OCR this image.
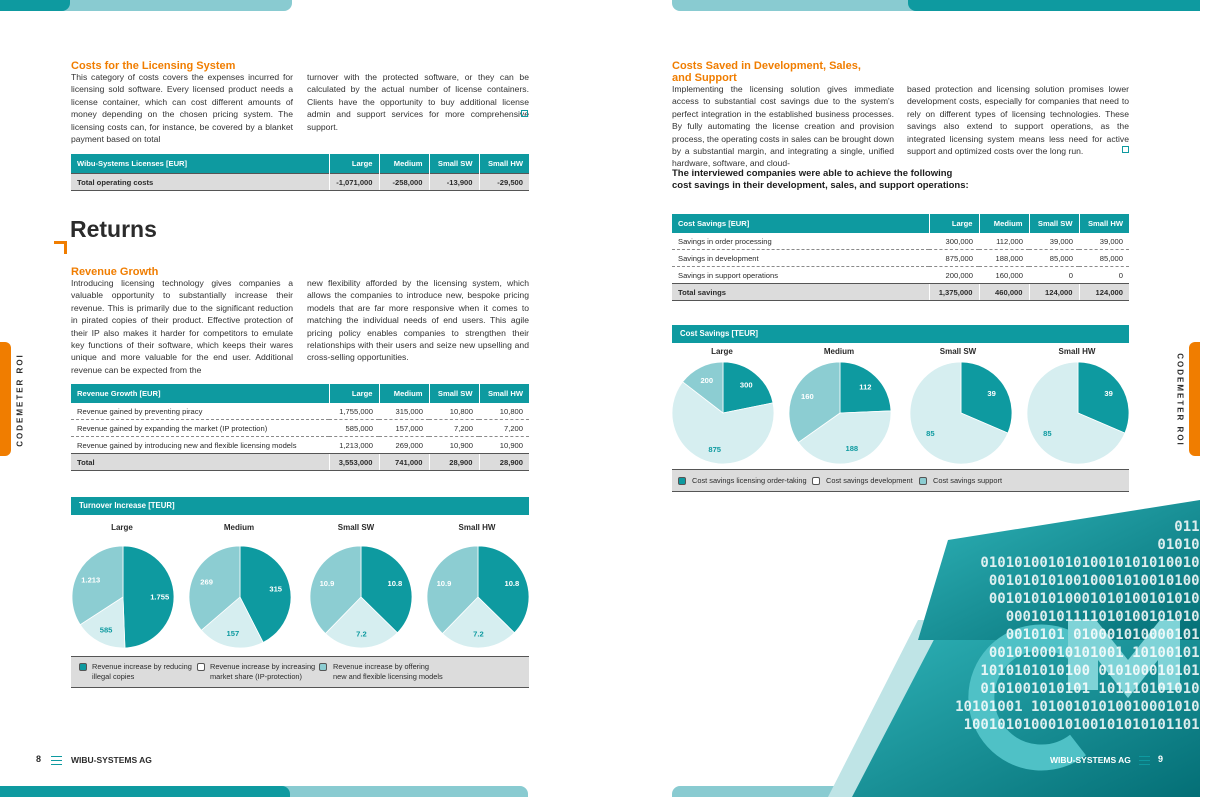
CODEMETER ROI	CODEMETER ROI
Costs for the Licensing System

This category of costs covers the expenses incurred for licensing sold software. Every licensed product needs a license container, which can cost different amounts of money depending on the chosen pricing system. The licensing costs can, for instance, be covered by a blanket payment based on total

turnover with the protected software, or they can be calculated by the actual number of license containers. Clients have the opportunity to buy additional license admin and support services for more comprehensive support.

Wibu-Systems Licenses [EUR]	Large	Medium	Small SW	Small HW
Total operating costs	-1,071,000	-258,000	-13,900	-29,500
Returns
Revenue Growth

Introducing licensing technology gives companies a valuable opportunity to substantially increase their revenue. This is primarily due to the significant reduction in pirated copies of their product. Effective protection of their IP also makes it harder for competitors to emulate key functions of their software, which keeps their wares unique and more valuable for the end user. Additional revenue can be expected from the

new flexibility afforded by the licensing system, which allows the companies to introduce new, bespoke pricing models that are far more responsive when it comes to matching the individual needs of end users. This agile pricing policy enables companies to strengthen their relationships with their users and seize new upselling and cross-selling opportunities.

Revenue Growth [EUR]	Large	Medium	Small SW	Small HW
Revenue gained by preventing piracy	1,755,000	315,000	10,800	10,800
Revenue gained by expanding the market (IP protection)	585,000	157,000	7,200	7,200
Revenue gained by introducing new and flexible licensing models	1,213,000	269,000	10,900	10,900
Total	3,553,000	741,000	28,900	28,900
Turnover Increase [TEUR]
Large	Medium	Small SW	Small HW
1.755
585
1.213
315
157
269	10.8
7.2
10.9	10.8
7.2
10.9
Revenue increase by reducing illegal copies
Revenue increase by increasing market share (IP-protection)
Revenue increase by offering new and flexible licensing models
8	WIBU-SYSTEMS AG
Costs Saved in Development, Sales,
and Support

Implementing the licensing solution gives immediate access to substantial cost savings due to the system's perfect integration in the established business processes. By fully automating the license creation and provision process, the operating costs in sales can be brought down by a substantial margin, and integrating a single, unified hardware, software, and cloud-

based protection and licensing solution promises lower development costs, especially for companies that need to rely on different types of licensing technologies. These savings also extend to support operations, as the integrated licensing system means less need for active support and optimized costs over the long run.

The interviewed companies were able to achieve the following
cost savings in their development, sales, and support operations:
Cost Savings [EUR]	Large	Medium	Small SW	Small HW
Savings in order processing	300,000	112,000	39,000	39,000
Savings in development	875,000	188,000	85,000	85,000
Savings in support operations	200,000	160,000	0	0
Total savings	1,375,000	460,000	124,000	124,000
Cost Savings [TEUR]
Large	Medium	Small SW	Small HW
300
875
200
112
188
160	39
85
39
85
Cost savings licensing order-taking	Cost savings development	Cost savings support
0110
010100
010101001010100101010100100
00101010100100010100101001
00101010100010101001010100
000101011110101001010101
0010101 0100010100001011
0010100010101001 101001010
1010101010100 0101000101010
0101001010101 1011101010101
10101001 101001010100100010101
10010101000101001010101011010
WIBU-SYSTEMS AG	9
